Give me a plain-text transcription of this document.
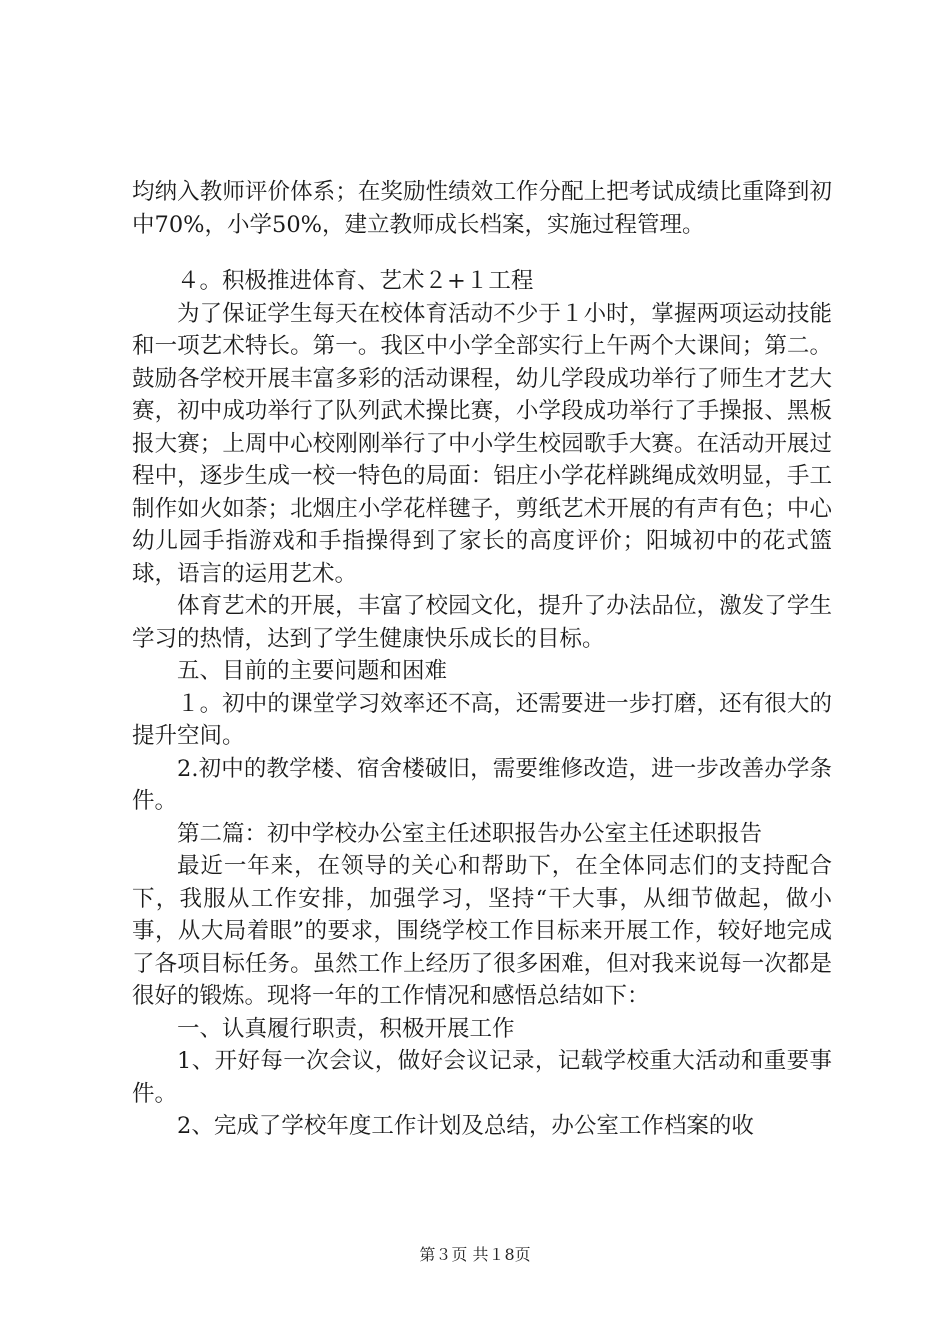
均纳入教师评价体系；在奖励性绩效工作分配上把考试成绩比重降到初中70%，小学50%，建立教师成长档案，实施过程管理。

４。积极推进体育、艺术２+１工程

为了保证学生每天在校体育活动不少于１小时，掌握两项运动技能和一项艺术特长。第一。我区中小学全部实行上午两个大课间；第二。鼓励各学校开展丰富多彩的活动课程，幼儿学段成功举行了师生才艺大赛，初中成功举行了队列武术操比赛，小学段成功举行了手操报、黑板报大赛；上周中心校刚刚举行了中小学生校园歌手大赛。在活动开展过程中，逐步生成一校一特色的局面：铝庄小学花样跳绳成效明显，手工制作如火如荼；北烟庄小学花样毽子，剪纸艺术开展的有声有色；中心幼儿园手指游戏和手指操得到了家长的高度评价；阳城初中的花式篮球，语言的运用艺术。

体育艺术的开展，丰富了校园文化，提升了办法品位，激发了学生学习的热情，达到了学生健康快乐成长的目标。

五、目前的主要问题和困难

１。初中的课堂学习效率还不高，还需要进一步打磨，还有很大的提升空间。

2.初中的教学楼、宿舍楼破旧，需要维修改造，进一步改善办学条件。

第二篇：初中学校办公室主任述职报告办公室主任述职报告

最近一年来，在领导的关心和帮助下，在全体同志们的支持配合下，我服从工作安排，加强学习，坚持“干大事，从细节做起，做小事，从大局着眼”的要求，围绕学校工作目标来开展工作，较好地完成了各项目标任务。虽然工作上经历了很多困难，但对我来说每一次都是很好的锻炼。现将一年的工作情况和感悟总结如下：

一、认真履行职责，积极开展工作

1、开好每一次会议，做好会议记录，记载学校重大活动和重要事件。

2、完成了学校年度工作计划及总结，办公室工作档案的收

第３页 共１8页
